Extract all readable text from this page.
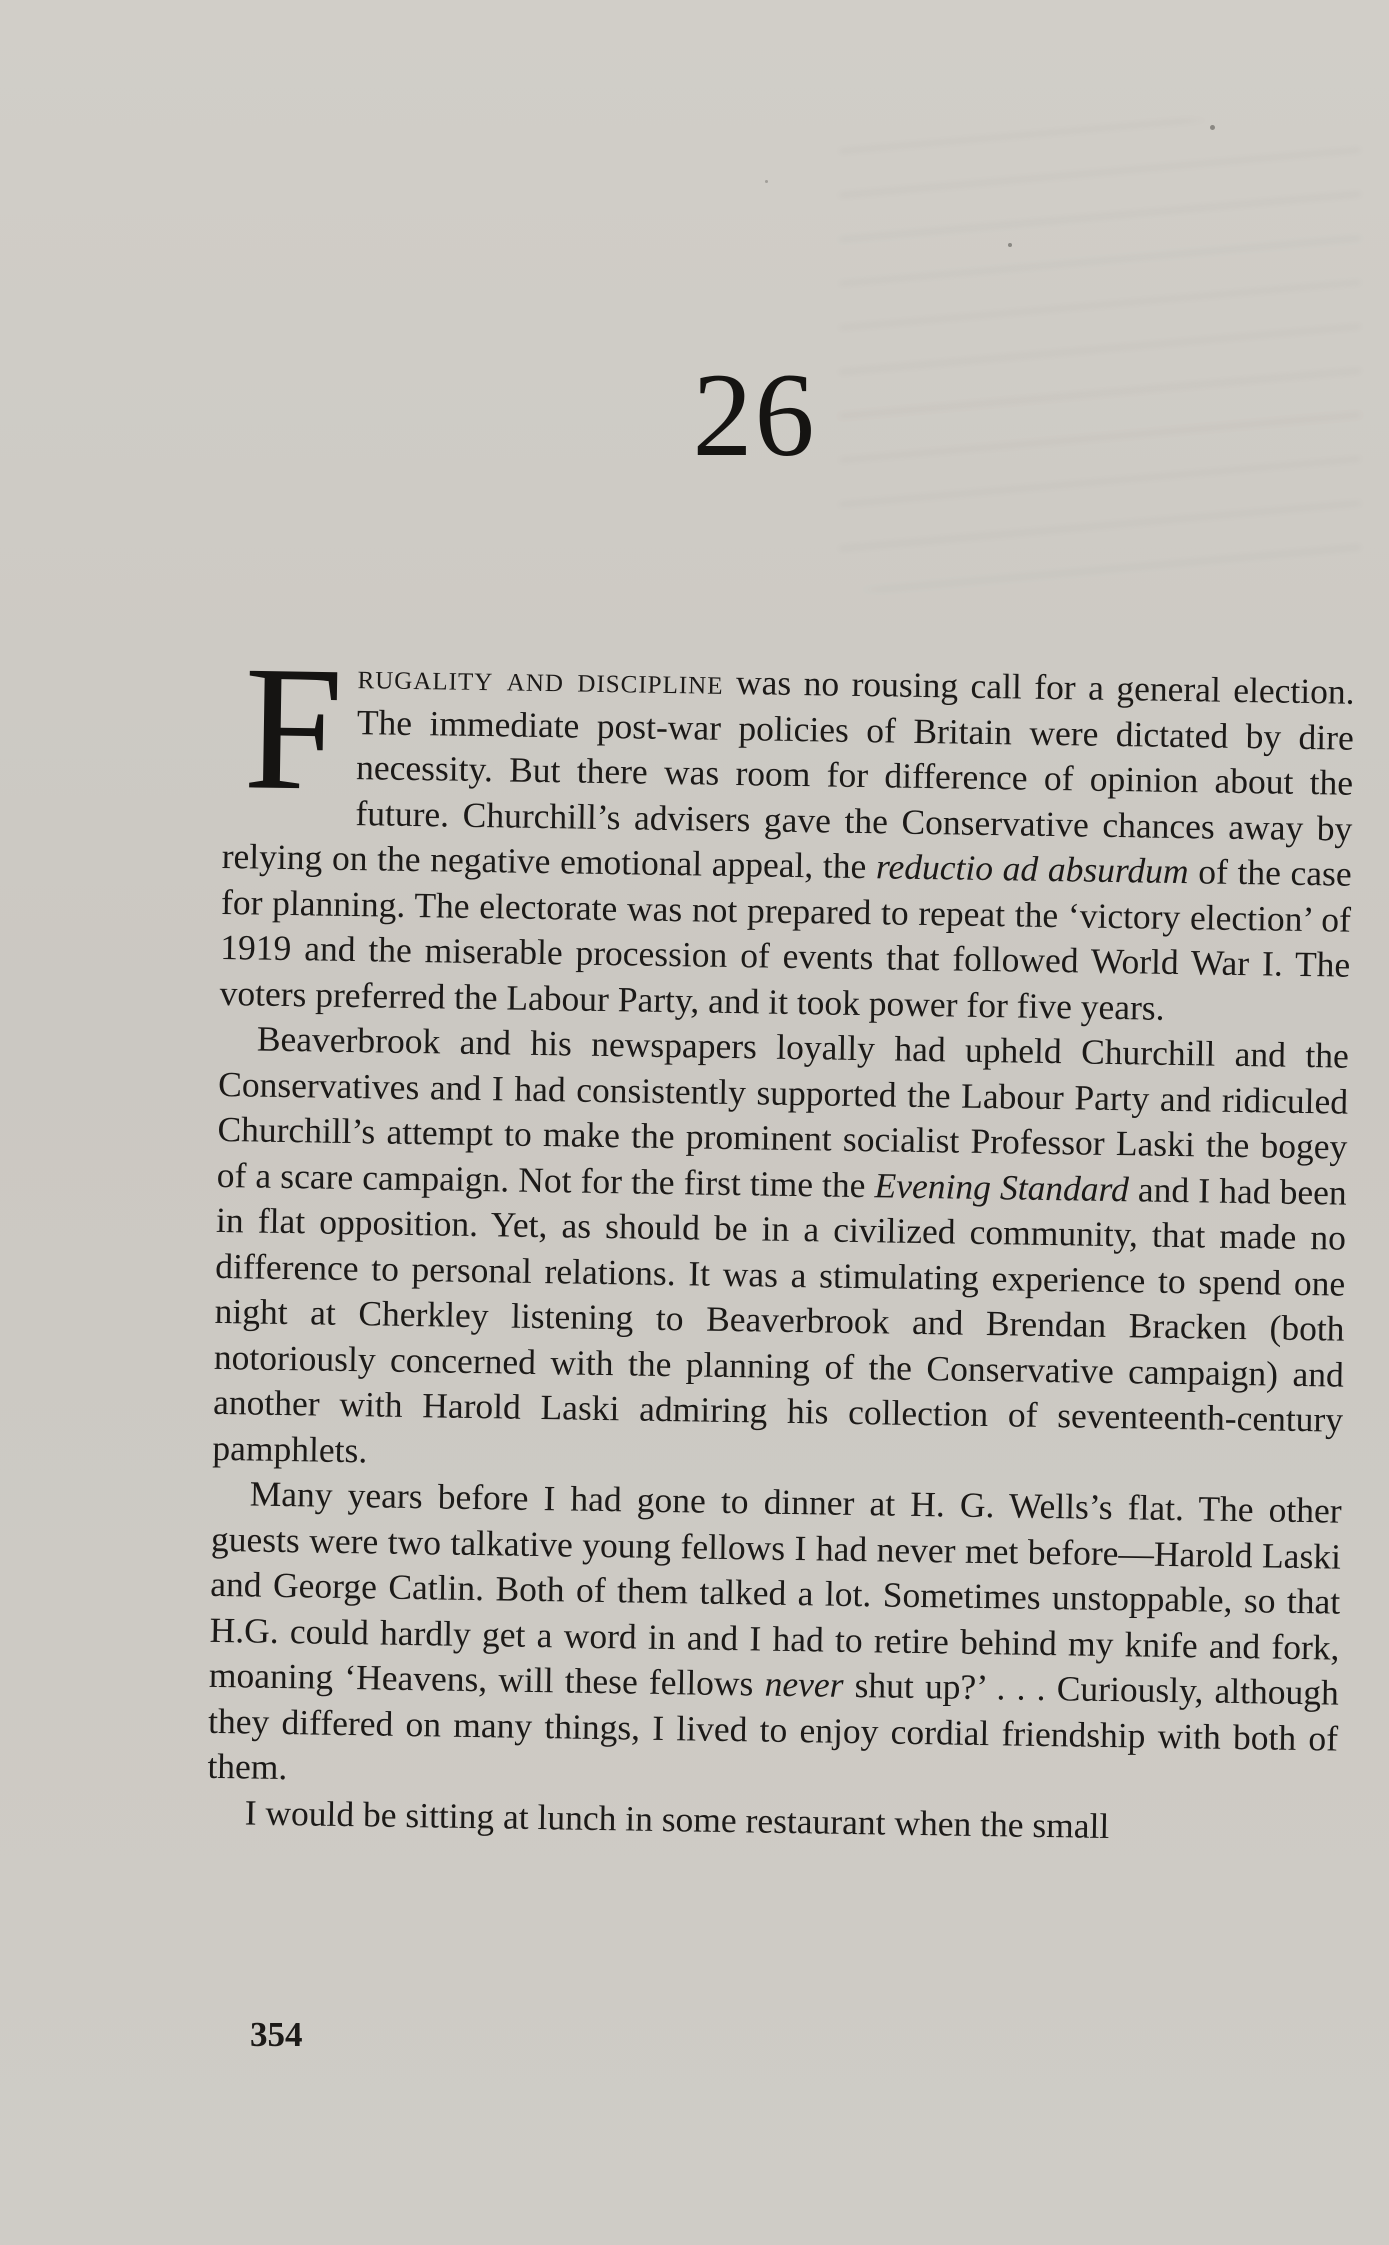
26

Frugality and discipline was no rousing call for a general election. The immediate post-war policies of Britain were dictated by dire necessity. But there was room for difference of opinion about the future. Churchill’s advisers gave the Conservative chances away by relying on the negative emotional appeal, the reductio ad absurdum of the case for planning. The electorate was not prepared to repeat the ‘victory election’ of 1919 and the miserable procession of events that followed World War I. The voters preferred the Labour Party, and it took power for five years.

Beaverbrook and his newspapers loyally had upheld Churchill and the Conservatives and I had consistently supported the Labour Party and ridiculed Churchill’s attempt to make the prominent socialist Professor Laski the bogey of a scare campaign. Not for the first time the Evening Standard and I had been in flat opposition. Yet, as should be in a civilized community, that made no difference to personal relations. It was a stimulating experience to spend one night at Cherkley listening to Beaverbrook and Brendan Bracken (both notoriously concerned with the planning of the Conservative campaign) and another with Harold Laski admiring his collection of seventeenth-century pamphlets.

Many years before I had gone to dinner at H. G. Wells’s flat. The other guests were two talkative young fellows I had never met before—Harold Laski and George Catlin. Both of them talked a lot. Sometimes unstoppable, so that H.G. could hardly get a word in and I had to retire behind my knife and fork, moaning ‘Heavens, will these fellows never shut up?’ . . . Curiously, although they differed on many things, I lived to enjoy cordial friendship with both of them.

I would be sitting at lunch in some restaurant when the small

354
